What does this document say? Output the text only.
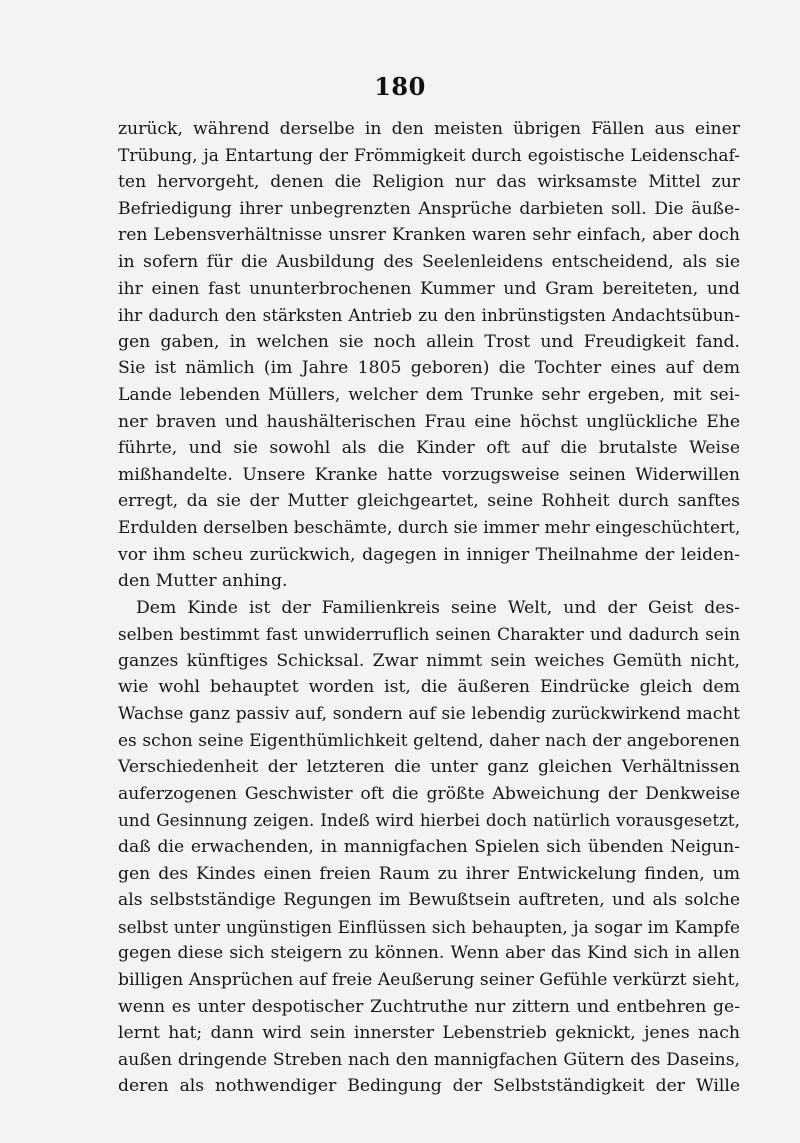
180
zurück, während derselbe in den meisten übrigen Fällen aus einer
Trübung, ja Entartung der Frömmigkeit durch egoistische Leidenschaf-
ten hervorgeht, denen die Religion nur das wirksamste Mittel zur
Befriedigung ihrer unbegrenzten Ansprüche darbieten soll. Die äuße-
ren Lebensverhältnisse unsrer Kranken waren sehr einfach, aber doch
in sofern für die Ausbildung des Seelenleidens entscheidend, als sie
ihr einen fast ununterbrochenen Kummer und Gram bereiteten, und
ihr dadurch den stärksten Antrieb zu den inbrünstigsten Andachtsübun-
gen gaben, in welchen sie noch allein Trost und Freudigkeit fand.
Sie ist nämlich (im Jahre 1805 geboren) die Tochter eines auf dem
Lande lebenden Müllers, welcher dem Trunke sehr ergeben, mit sei-
ner braven und haushälterischen Frau eine höchst unglückliche Ehe
führte, und sie sowohl als die Kinder oft auf die brutalste Weise
mißhandelte. Unsere Kranke hatte vorzugsweise seinen Widerwillen
erregt, da sie der Mutter gleichgeartet, seine Rohheit durch sanftes
Erdulden derselben beschämte, durch sie immer mehr eingeschüchtert,
vor ihm scheu zurückwich, dagegen in inniger Theilnahme der leiden-
den Mutter anhing.
Dem Kinde ist der Familienkreis seine Welt, und der Geist des-
selben bestimmt fast unwiderruflich seinen Charakter und dadurch sein
ganzes künftiges Schicksal. Zwar nimmt sein weiches Gemüth nicht,
wie wohl behauptet worden ist, die äußeren Eindrücke gleich dem
Wachse ganz passiv auf, sondern auf sie lebendig zurückwirkend macht
es schon seine Eigenthümlichkeit geltend, daher nach der angeborenen
Verschiedenheit der letzteren die unter ganz gleichen Verhältnissen
auferzogenen Geschwister oft die größte Abweichung der Denkweise
und Gesinnung zeigen. Indeß wird hierbei doch natürlich vorausgesetzt,
daß die erwachenden, in mannigfachen Spielen sich übenden Neigun-
gen des Kindes einen freien Raum zu ihrer Entwickelung finden, um
als selbstständige Regungen im Bewußtsein auftreten, und als solche
selbst unter ungünstigen Einflüssen sich behaupten, ja sogar im Kampfe
gegen diese sich steigern zu können. Wenn aber das Kind sich in allen
billigen Ansprüchen auf freie Aeußerung seiner Gefühle verkürzt sieht,
wenn es unter despotischer Zuchtruthe nur zittern und entbehren ge-
lernt hat; dann wird sein innerster Lebenstrieb geknickt, jenes nach
außen dringende Streben nach den mannigfachen Gütern des Daseins,
deren als nothwendiger Bedingung der Selbstständigkeit der Wille
